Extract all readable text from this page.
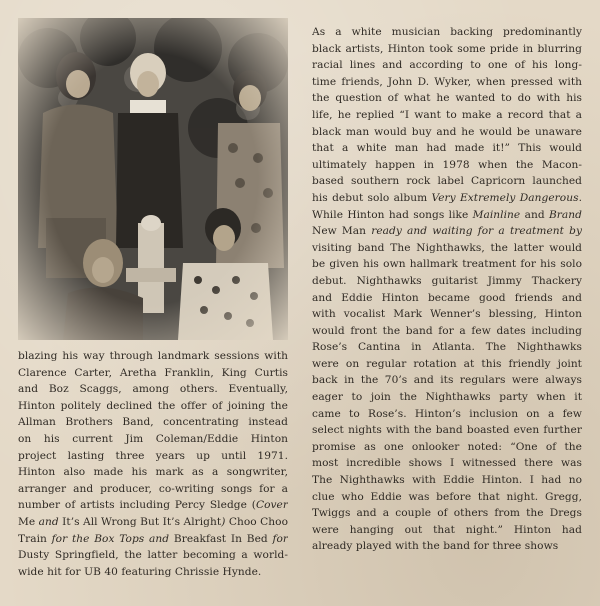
As a white musician backing predominantly
black artists, Hinton took some pride in blurring
racial lines and according to one of his long-
time friends, John D. Wyker, when pressed with
the question of what he wanted to do with his
life, he replied “I want to make a record that a
black man would buy and he would be unaware
that a white man had made it!” This would
ultimately happen in 1978 when the Macon-
based southern rock label Capricorn launched
his debut solo album Very Extremely Dangerous.
While Hinton had songs like Mainline and Brand
New Man ready and waiting for a treatment by
visiting band The Nighthawks, the latter would
be given his own hallmark treatment for his solo
debut. Nighthawks guitarist Jimmy Thackery
and Eddie Hinton became good friends and
with vocalist Mark Wenner’s blessing, Hinton
would front the band for a few dates including
Rose’s Cantina in Atlanta. The Nighthawks
were on regular rotation at this friendly joint
back in the 70’s and its regulars were always
eager to join the Nighthawks party when it
came to Rose’s. Hinton’s inclusion on a few
select nights with the band boasted even further
promise as one onlooker noted: “One of the
most incredible shows I witnessed there was
The Nighthawks with Eddie Hinton. I had no
clue who Eddie was before that night. Gregg,
Twiggs and a couple of others from the Dregs
were hanging out that night.” Hinton had
already played with the band for three shows
blazing his way through landmark sessions with
Clarence Carter, Aretha Franklin, King Curtis
and Boz Scaggs, among others. Eventually,
Hinton politely declined the offer of joining the
Allman Brothers Band, concentrating instead
on his current Jim Coleman/Eddie Hinton
project lasting three years up until 1971.
Hinton also made his mark as a songwriter,
arranger and producer, co-writing songs for a
number of artists including Percy Sledge (Cover
Me and It’s All Wrong But It’s Alright) Choo Choo
Train for the Box Tops and Breakfast In Bed for
Dusty Springfield, the latter becoming a world-
wide hit for UB 40 featuring Chrissie Hynde.
